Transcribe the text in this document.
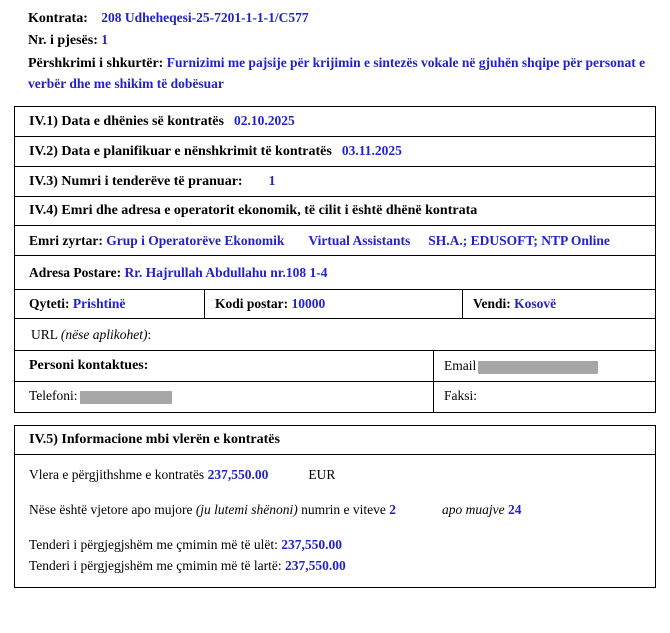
Kontrata: 208 Udheheqesi-25-7201-1-1-1/C577
Nr. i pjesës: 1
Përshkrimi i shkurtër: Furnizimi me pajsije për krijimin e sintezës vokale në gjuhën shqipe për personat e verbër dhe me shikim të dobësuar
IV.1) Data e dhënies së kontratës 02.10.2025
IV.2) Data e planifikuar e nënshkrimit të kontratës 03.11.2025
IV.3) Numri i tenderëve të pranuar: 1
IV.4) Emri dhe adresa e operatorit ekonomik, të cilit i është dhënë kontrata
Emri zyrtar: Grup i Operatorëve Ekonomik Virtual Assistants SH.A.; EDUSOFT; NTP Online
Adresa Postare: Rr. Hajrullah Abdullahu nr.108 1-4
Qyteti: Prishtinë	Kodi postar: 10000	Vendi: Kosovë
URL (nëse aplikohet):
Personi kontaktues:	Email
Telefoni:	Faksi:
IV.5) Informacione mbi vlerën e kontratës
Vlera e përgjithshme e kontratës 237,550.00	EUR
Nëse është vjetore apo mujore (ju lutemi shënoni) numrin e viteve 2	apo muajve 24
Tenderi i përgjegjshëm me çmimin më të ulët: 237,550.00
Tenderi i përgjegjshëm me çmimin më të lartë: 237,550.00
